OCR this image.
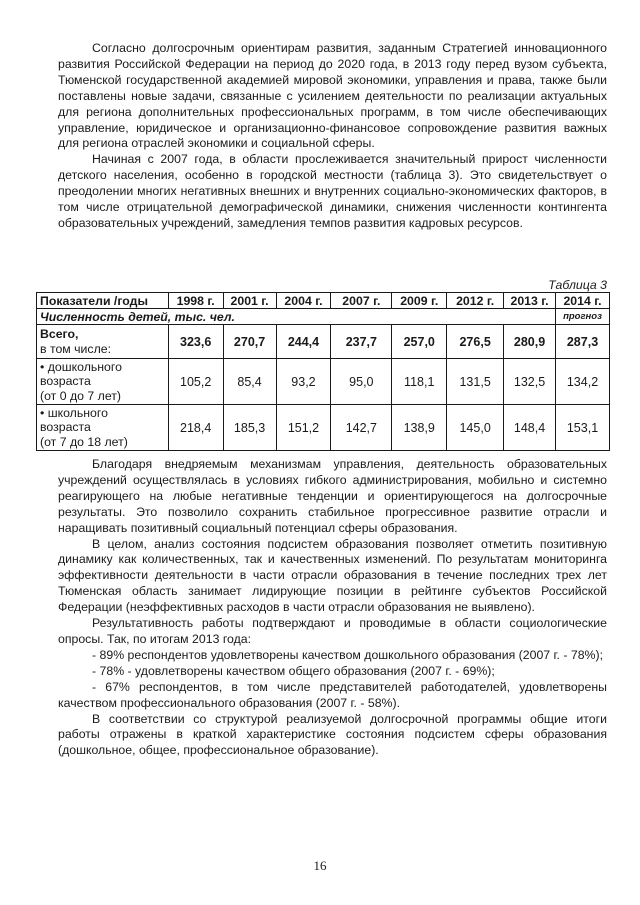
Согласно долгосрочным ориентирам развития, заданным Стратегией инновационного развития Российской Федерации на период до 2020 года, в 2013 году перед вузом субъекта, Тюменской государственной академией мировой экономики, управления и права, также были поставлены новые задачи, связанные с усилением деятельности по реализации актуальных для региона дополнительных профессиональных программ, в том числе обеспечивающих управление, юридическое и организационно-финансовое сопровождение развития важных для региона отраслей экономики и социальной сферы.

Начиная с 2007 года, в области прослеживается значительный прирост численности детского населения, особенно в городской местности (таблица 3). Это свидетельствует о преодолении многих негативных внешних и внутренних социально-экономических факторов, в том числе отрицательной демографической динамики, снижения численности контингента образовательных учреждений, замедления темпов развития кадровых ресурсов.

Таблица 3
Показатели /годы	1998 г.	2001 г.	2004 г.	2007 г.	2009 г.	2012 г.	2013 г.	2014 г.
Численность детей, тыс. чел.								прогноз
Всего,
в том числе:	323,6	270,7	244,4	237,7	257,0	276,5	280,9	287,3
• дошкольного
возраста
(от 0 до 7 лет)	105,2	85,4	93,2	95,0	118,1	131,5	132,5	134,2
• школьного
возраста
(от 7 до 18 лет)	218,4	185,3	151,2	142,7	138,9	145,0	148,4	153,1

Благодаря внедряемым механизмам управления, деятельность образовательных учреждений осуществлялась в условиях гибкого администрирования, мобильно и системно реагирующего на любые негативные тенденции и ориентирующегося на долгосрочные результаты. Это позволило сохранить стабильное прогрессивное развитие отрасли и наращивать позитивный социальный потенциал сферы образования.

В целом, анализ состояния подсистем образования позволяет отметить позитивную динамику как количественных, так и качественных изменений. По результатам мониторинга эффективности деятельности в части отрасли образования в течение последних трех лет Тюменская область занимает лидирующие позиции в рейтинге субъектов Российской Федерации (неэффективных расходов в части отрасли образования не выявлено).

Результативность работы подтверждают и проводимые в области социологические опросы. Так, по итогам 2013 года:

- 89% респондентов удовлетворены качеством дошкольного образования (2007 г. - 78%);

- 78% - удовлетворены качеством общего образования (2007 г. - 69%);

- 67% респондентов, в том числе представителей работодателей, удовлетворены качеством профессионального образования (2007 г. - 58%).

В соответствии со структурой реализуемой долгосрочной программы общие итоги работы отражены в краткой характеристике состояния подсистем сферы образования (дошкольное, общее, профессиональное образование).

16
